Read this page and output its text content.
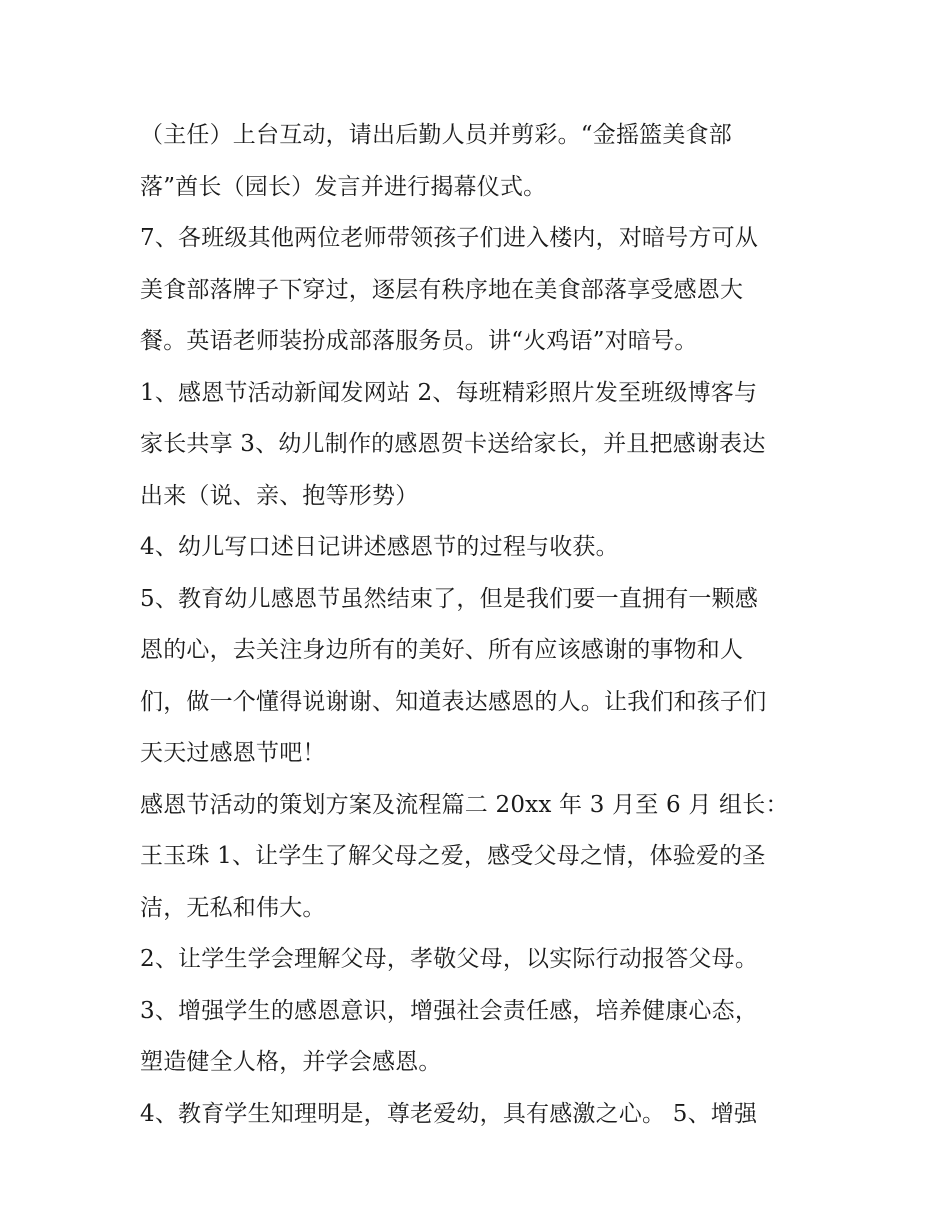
（主任）上台互动，请出后勤人员并剪彩。“金摇篮美食部
落”酋长（园长）发言并进行揭幕仪式。
7、各班级其他两位老师带领孩子们进入楼内，对暗号方可从
美食部落牌子下穿过，逐层有秩序地在美食部落享受感恩大
餐。英语老师装扮成部落服务员。讲“火鸡语”对暗号。
1、感恩节活动新闻发网站 2、每班精彩照片发至班级博客与
家长共享 3、幼儿制作的感恩贺卡送给家长，并且把感谢表达
出来（说、亲、抱等形势）
4、幼儿写口述日记讲述感恩节的过程与收获。
5、教育幼儿感恩节虽然结束了，但是我们要一直拥有一颗感
恩的心，去关注身边所有的美好、所有应该感谢的事物和人
们，做一个懂得说谢谢、知道表达感恩的人。让我们和孩子们
天天过感恩节吧！
感恩节活动的策划方案及流程篇二 20xx 年 3 月至 6 月 组长：
王玉珠 1、让学生了解父母之爱，感受父母之情，体验爱的圣
洁，无私和伟大。
2、让学生学会理解父母，孝敬父母，以实际行动报答父母。
3、增强学生的感恩意识，增强社会责任感，培养健康心态，
塑造健全人格，并学会感恩。
4、教育学生知理明是，尊老爱幼，具有感激之心。 5、增强
